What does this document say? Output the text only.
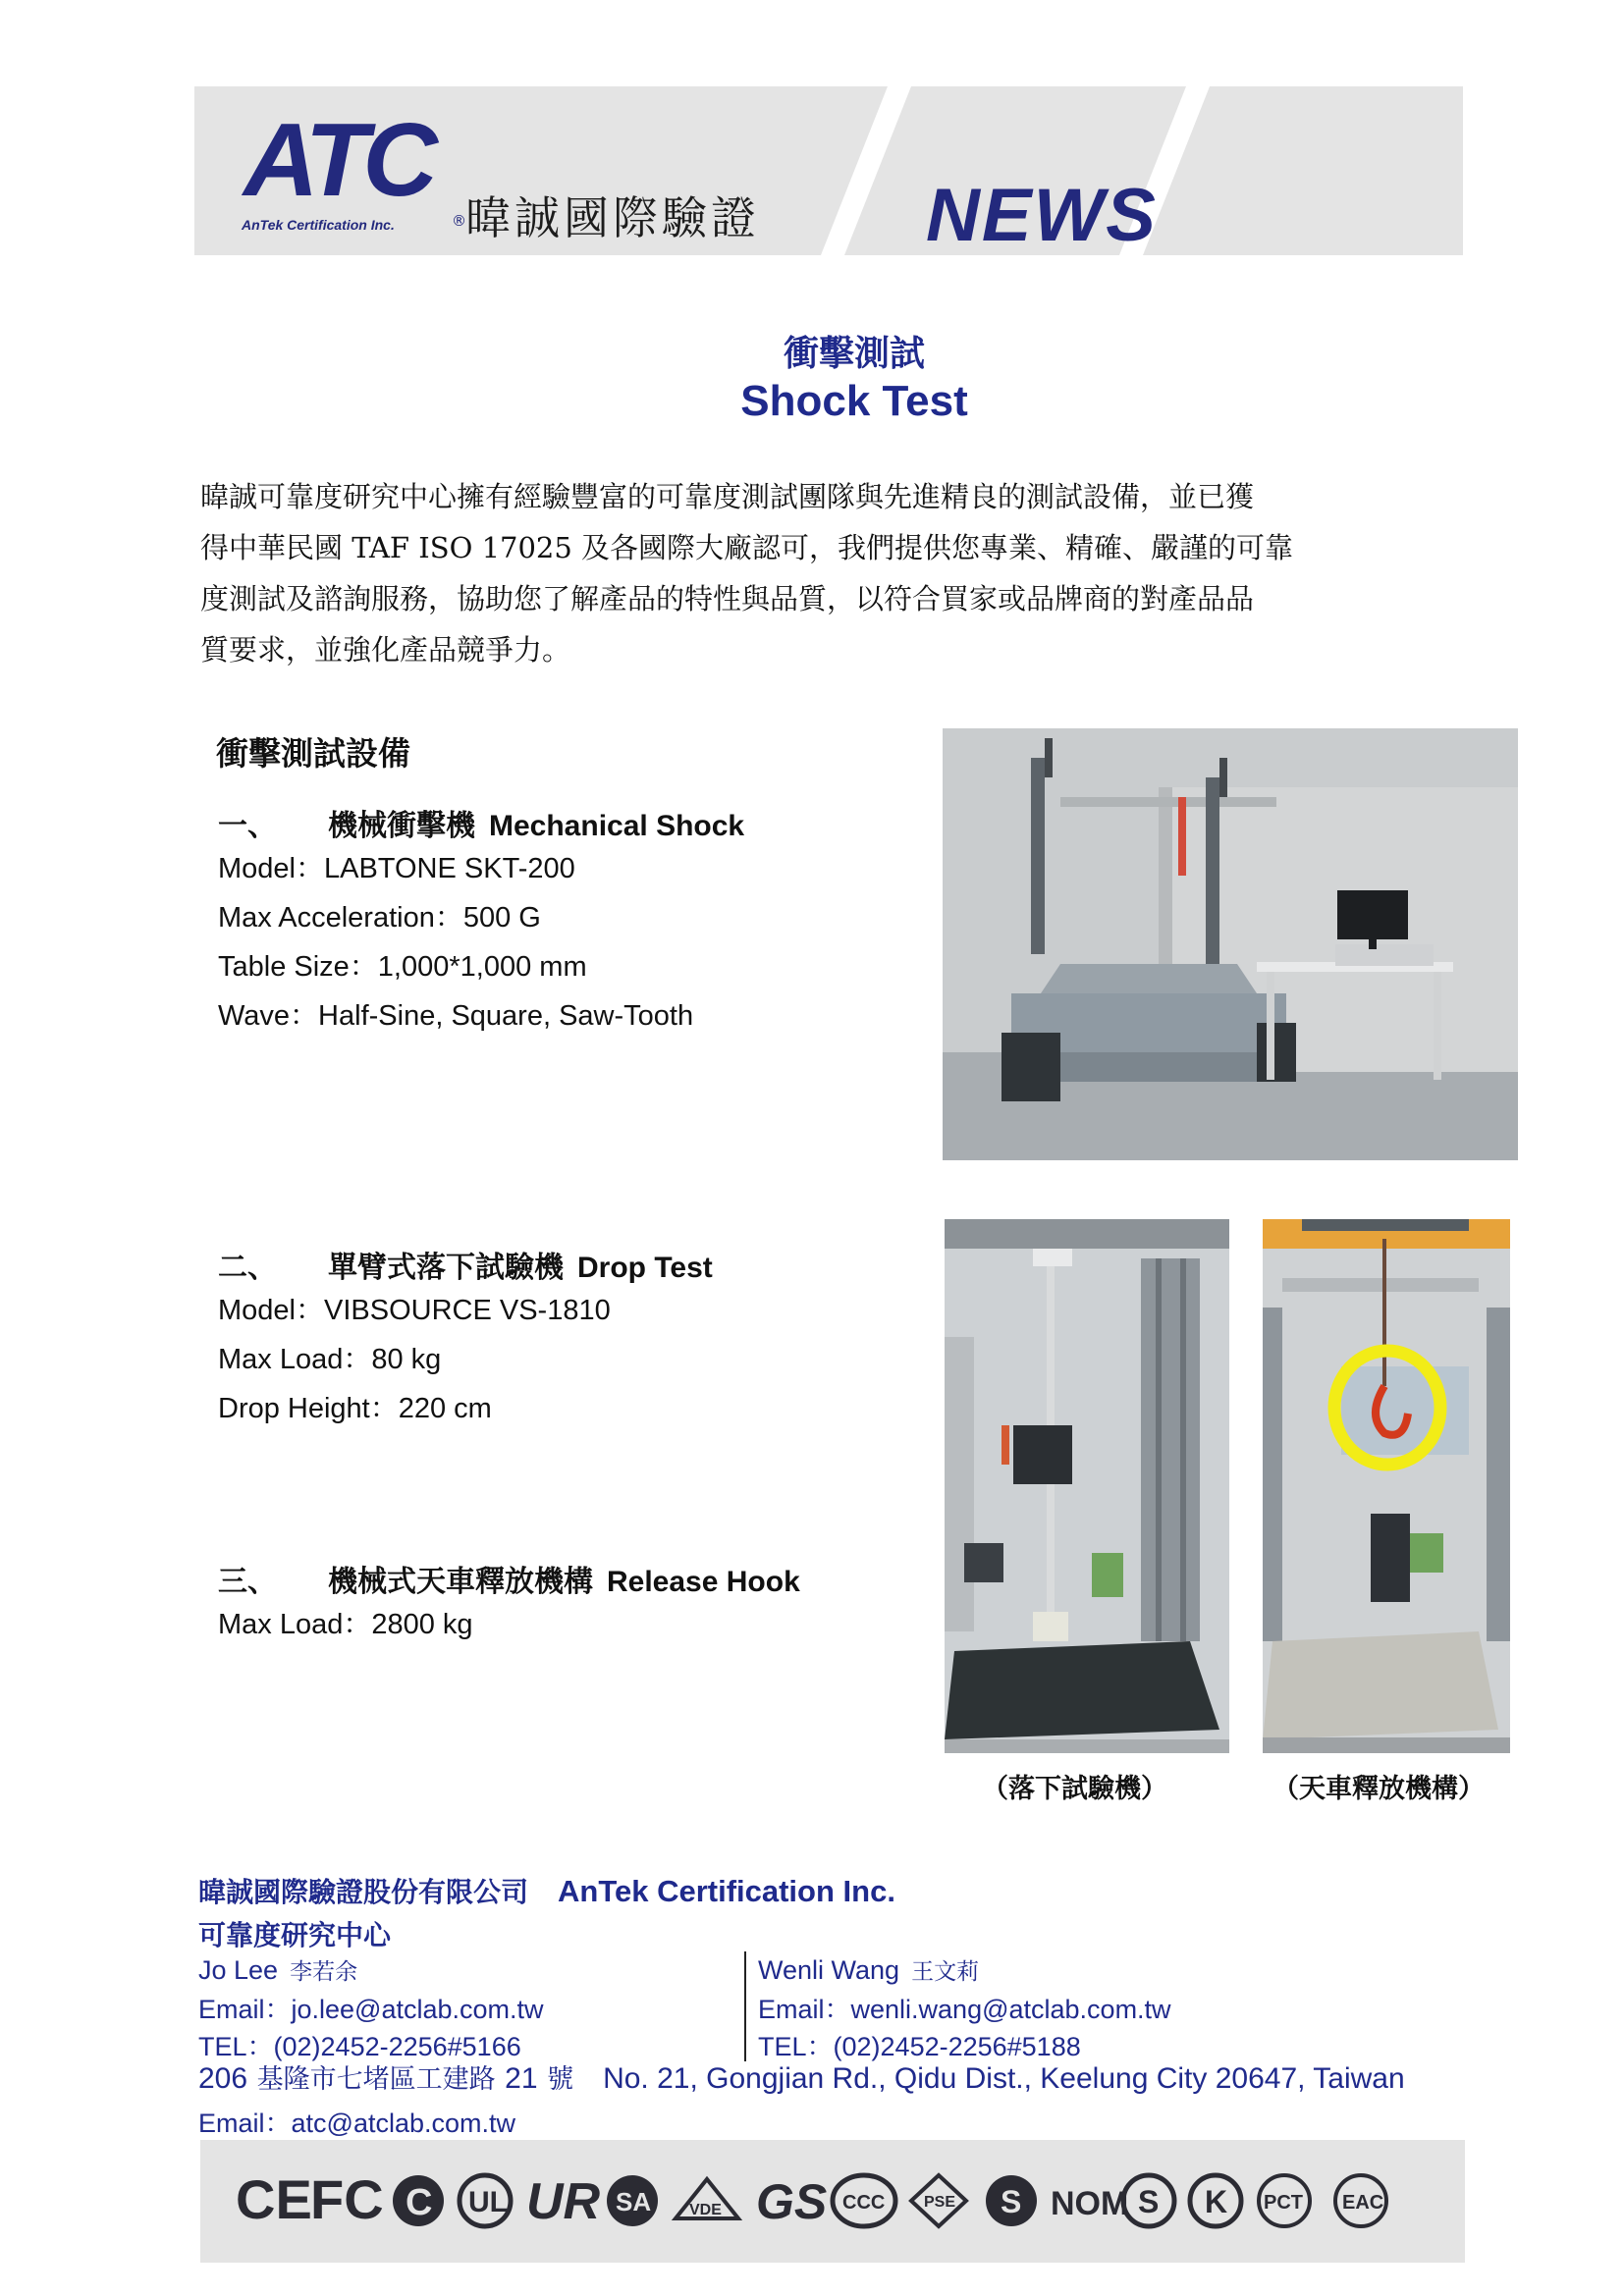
ATC
AnTek Certification Inc.	® 暐誠國際驗證 NEWS
衝擊測試
Shock Test
暐誠可靠度研究中心擁有經驗豐富的可靠度測試團隊與先進精良的測試設備，並已獲
得中華民國 TAF ISO 17025 及各國際大廠認可，我們提供您專業、精確、嚴謹的可靠
度測試及諮詢服務，協助您了解產品的特性與品質，以符合買家或品牌商的對產品品
質要求，並強化產品競爭力。
衝擊測試設備
一、 機械衝擊機 Mechanical Shock
Model：LABTONE SKT-200
Max Acceleration：500 G
Table Size：1,000*1,000 mm
Wave：Half-Sine, Square, Saw-Tooth
二、 單臂式落下試驗機 Drop Test
Model：VIBSOURCE VS-1810
Max Load：80 kg
Drop Height：220 cm
三、 機械式天車釋放機構 Release Hook
Max Load：2800 kg
（落下試驗機）	（天車釋放機構）
暐誠國際驗證股份有限公司 AnTek Certification Inc.
可靠度研究中心
Jo Lee 李若余
Email：jo.lee@atclab.com.tw
TEL：(02)2452-2256#5166
Wenli Wang 王文莉
Email：wenli.wang@atclab.com.tw
TEL：(02)2452-2256#5188
206 基隆市七堵區工建路 21 號 No. 21, Gongjian Rd., Qidu Dist., Keelung City 20647, Taiwan
Email：atc@atclab.com.tw
CE
FC C UL UR SA VDE GS CCC PSE S NOM S K PCT EAC
